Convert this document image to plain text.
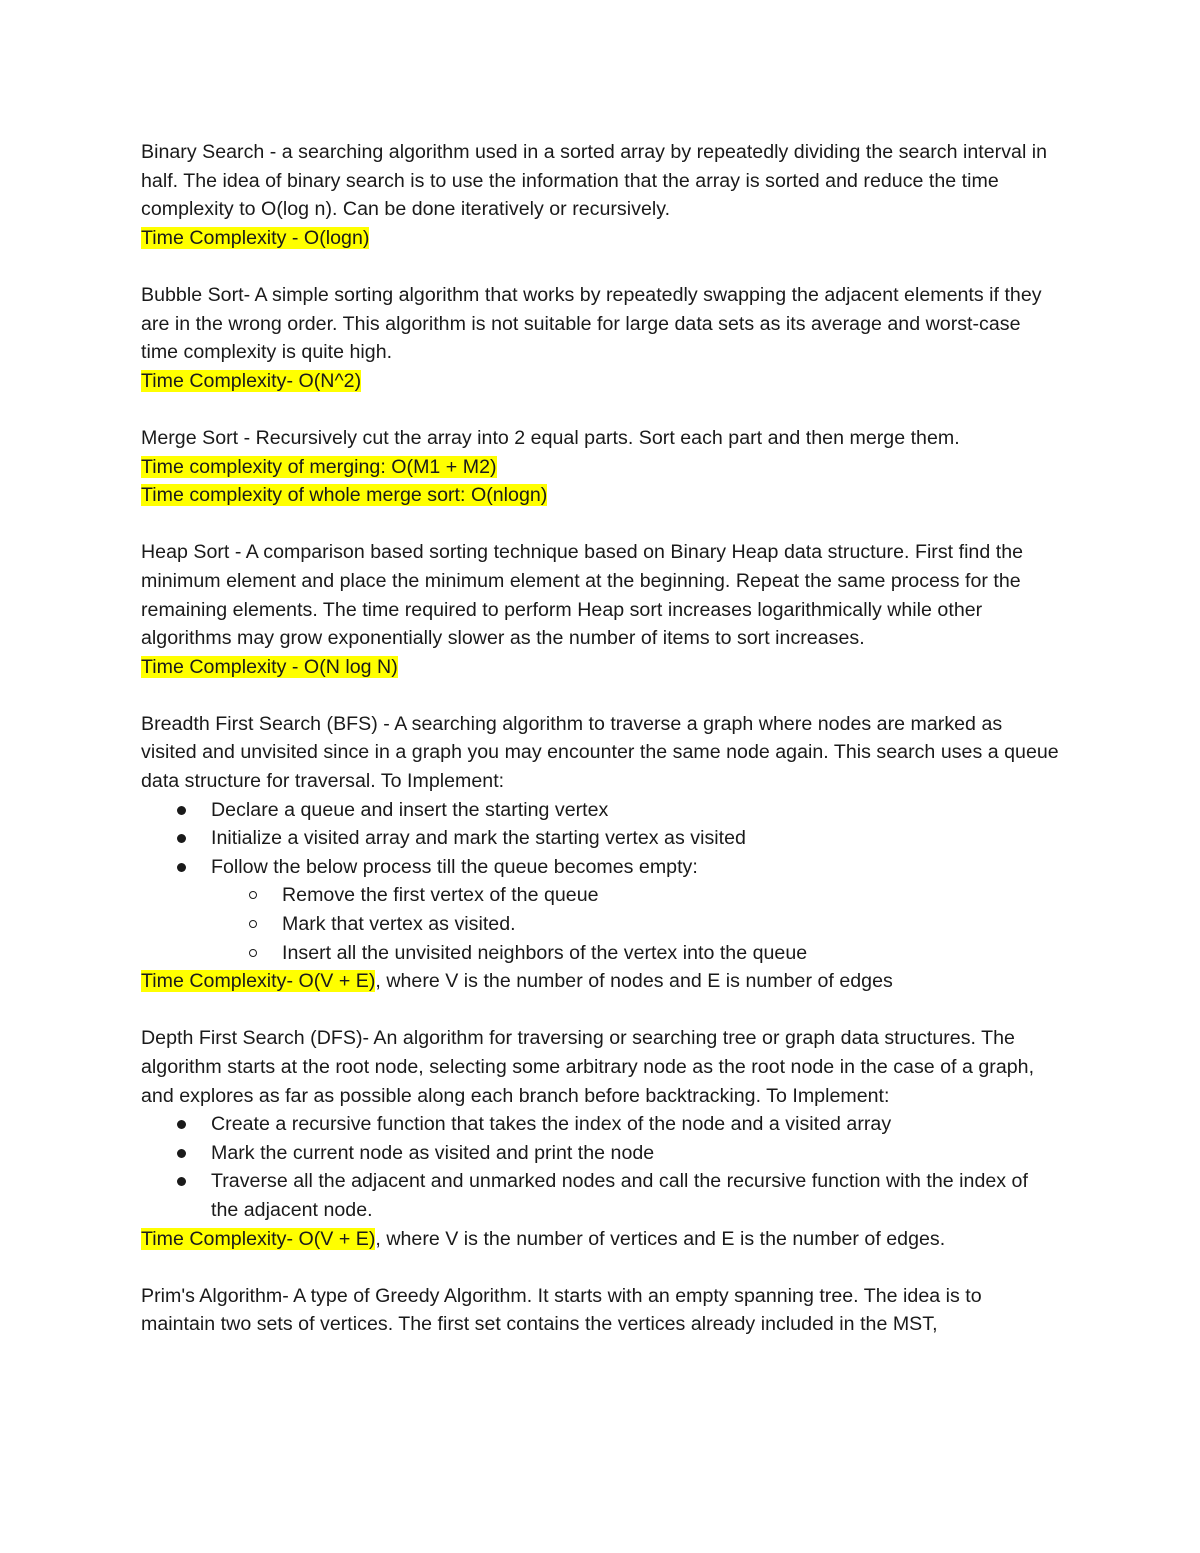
Binary Search - a searching algorithm used in a sorted array by repeatedly dividing the search interval in half. The idea of binary search is to use the information that the array is sorted and reduce the time complexity to O(log n). Can be done iteratively or recursively.

Time Complexity - O(logn)

Bubble Sort- A simple sorting algorithm that works by repeatedly swapping the adjacent elements if they are in the wrong order. This algorithm is not suitable for large data sets as its average and worst-case time complexity is quite high.

Time Complexity- O(N^2)

Merge Sort - Recursively cut the array into 2 equal parts. Sort each part and then merge them.

Time complexity of merging: O(M1 + M2)

Time complexity of whole merge sort: O(nlogn)

Heap Sort - A comparison based sorting technique based on Binary Heap data structure. First find the minimum element and place the minimum element at the beginning. Repeat the same process for the remaining elements. The time required to perform Heap sort increases logarithmically while other algorithms may grow exponentially slower as the number of items to sort increases.

Time Complexity - O(N log N)

Breadth First Search (BFS) - A searching algorithm to traverse a graph where nodes are marked as visited and unvisited since in a graph you may encounter the same node again. This search uses a queue data structure for traversal. To Implement:

Declare a queue and insert the starting vertex
Initialize a visited array and mark the starting vertex as visited
Follow the below process till the queue becomes empty:
Remove the first vertex of the queue
Mark that vertex as visited.
Insert all the unvisited neighbors of the vertex into the queue

Time Complexity- O(V + E), where V is the number of nodes and E is number of edges

Depth First Search (DFS)- An algorithm for traversing or searching tree or graph data structures. The algorithm starts at the root node, selecting some arbitrary node as the root node in the case of a graph, and explores as far as possible along each branch before backtracking. To Implement:

Create a recursive function that takes the index of the node and a visited array
Mark the current node as visited and print the node
Traverse all the adjacent and unmarked nodes and call the recursive function with the index of the adjacent node.

Time Complexity- O(V + E), where V is the number of vertices and E is the number of edges.

Prim's Algorithm- A type of Greedy Algorithm. It starts with an empty spanning tree. The idea is to maintain two sets of vertices. The first set contains the vertices already included in the MST,
